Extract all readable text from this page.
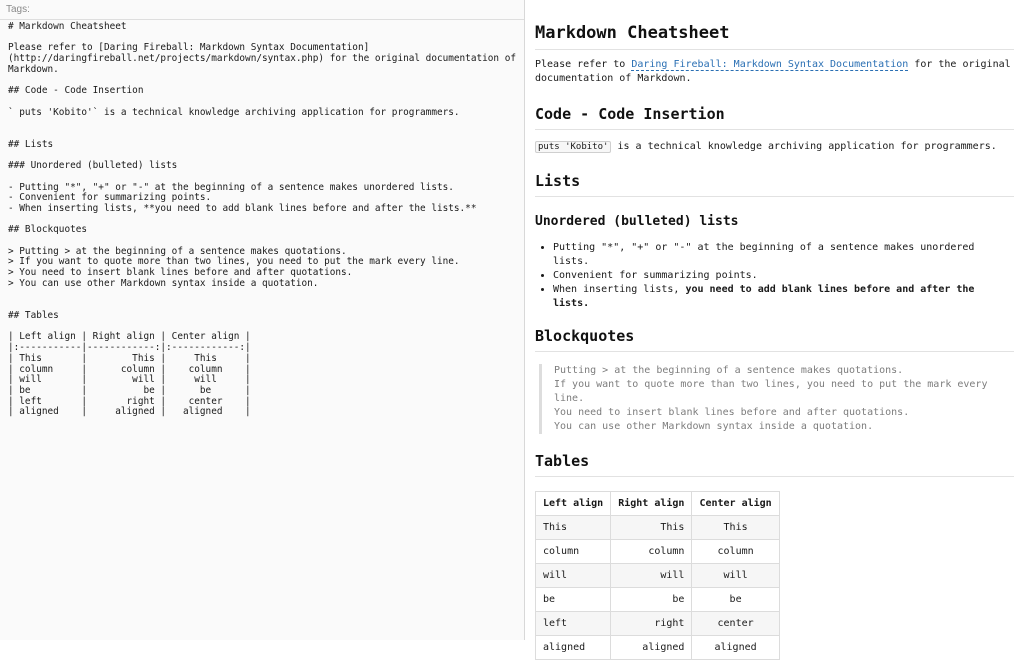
Tags:
# Markdown Cheatsheet

Please refer to [Daring Fireball: Markdown Syntax Documentation]
(http://daringfireball.net/projects/markdown/syntax.php) for the original documentation of
Markdown.

## Code - Code Insertion

` puts 'Kobito'` is a technical knowledge archiving application for programmers.

## Lists

### Unordered (bulleted) lists

- Putting "*", "+" or "-" at the beginning of a sentence makes unordered lists.
- Convenient for summarizing points.
- When inserting lists, **you need to add blank lines before and after the lists.**

## Blockquotes

> Putting > at the beginning of a sentence makes quotations.
> If you want to quote more than two lines, you need to put the mark every line.
> You need to insert blank lines before and after quotations.
> You can use other Markdown syntax inside a quotation.

## Tables

| Left align | Right align | Center align |
|:-----------|------------:|:------------:|
| This       |        This |     This     |
| column     |      column |    column    |
| will       |        will |     will     |
| be         |          be |      be      |
| left       |       right |    center    |
| aligned    |     aligned |   aligned    |

Markdown Cheatsheet

Please refer to Daring Fireball: Markdown Syntax Documentation for the original documentation of Markdown.

Code - Code Insertion

puts 'Kobito' is a technical knowledge archiving application for programmers.

Lists
Unordered (bulleted) lists
• Putting "*", "+" or "-" at the beginning of a sentence makes unordered lists.
• Convenient for summarizing points.
• When inserting lists, you need to add blank lines before and after the lists.
Blockquotes

Putting > at the beginning of a sentence makes quotations.

If you want to quote more than two lines, you need to put the mark every line.

You need to insert blank lines before and after quotations.

You can use other Markdown syntax inside a quotation.

Tables
Left align	Right align	Center align
This	This	This
column	column	column
will	will	will
be	be	be
left	right	center
aligned	aligned	aligned
